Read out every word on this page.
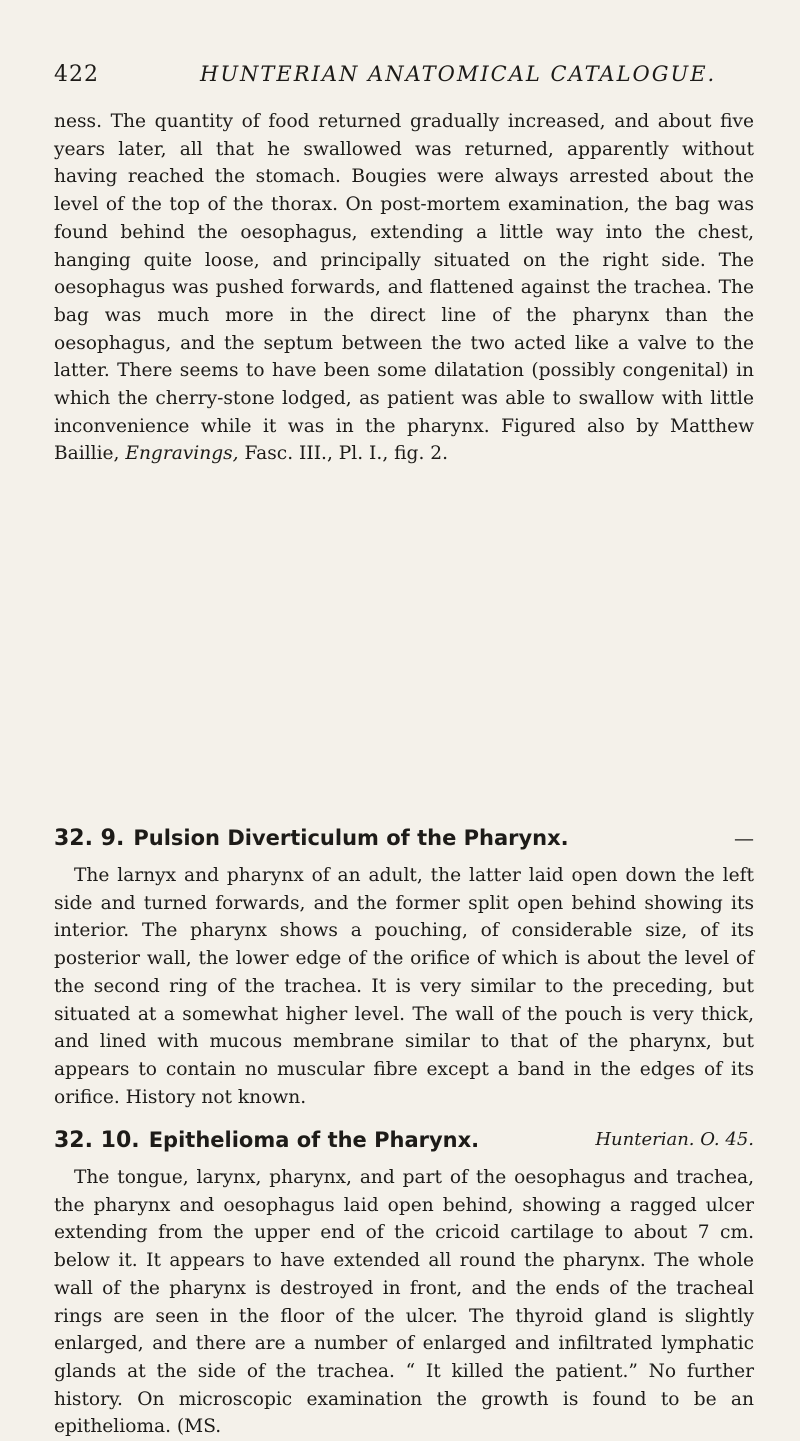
422	HUNTERIAN ANATOMICAL CATALOGUE.

ness. The quantity of food returned gradually increased, and about five years later, all that he swallowed was returned, apparently without having reached the stomach. Bougies were always arrested about the level of the top of the thorax. On post-mortem examination, the bag was found behind the oesophagus, extending a little way into the chest, hanging quite loose, and principally situated on the right side. The oesophagus was pushed forwards, and flattened against the trachea. The bag was much more in the direct line of the pharynx than the oesophagus, and the septum between the two acted like a valve to the latter. There seems to have been some dilatation (possibly congenital) in which the cherry-stone lodged, as patient was able to swallow with little inconvenience while it was in the pharynx. Figured also by Matthew Baillie, Engravings, Fasc. III., Pl. I., fig. 2.

32. 9. Pulsion Diverticulum of the Pharynx.	—

The larnyx and pharynx of an adult, the latter laid open down the left side and turned forwards, and the former split open behind showing its interior. The pharynx shows a pouching, of considerable size, of its posterior wall, the lower edge of the orifice of which is about the level of the second ring of the trachea. It is very similar to the preceding, but situated at a somewhat higher level. The wall of the pouch is very thick, and lined with mucous membrane similar to that of the pharynx, but appears to contain no muscular fibre except a band in the edges of its orifice. History not known.

32. 10. Epithelioma of the Pharynx.	Hunterian. O. 45.

The tongue, larynx, pharynx, and part of the oesophagus and trachea, the pharynx and oesophagus laid open behind, showing a ragged ulcer extending from the upper end of the cricoid cartilage to about 7 cm. below it. It appears to have extended all round the pharynx. The whole wall of the pharynx is destroyed in front, and the ends of the tracheal rings are seen in the floor of the ulcer. The thyroid gland is slightly enlarged, and there are a number of enlarged and infiltrated lymphatic glands at the side of the trachea. “ It killed the patient.” No further history. On microscopic examination the growth is found to be an epithelioma. (MS.
